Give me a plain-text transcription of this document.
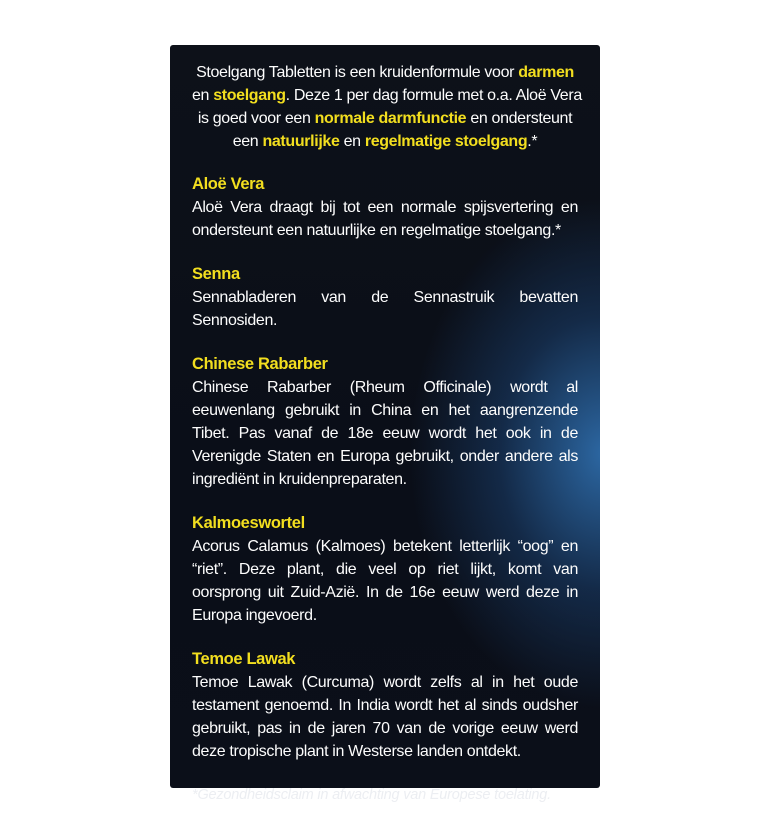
Stoelgang Tabletten is een kruidenformule voor darmen
en stoelgang. Deze 1 per dag formule met o.a. Aloë Vera
is goed voor een normale darmfunctie en ondersteunt
een natuurlijke en regelmatige stoelgang.*
Aloë Vera

Aloë Vera draagt bij tot een normale spijsvertering en ondersteunt een natuurlijke en regelmatige stoelgang.*

Senna

Sennabladeren van de Sennastruik bevatten Sennosiden.

Chinese Rabarber

Chinese Rabarber (Rheum Officinale) wordt al eeuwenlang gebruikt in China en het aangrenzende Tibet. Pas vanaf de 18e eeuw wordt het ook in de Verenigde Staten en Europa gebruikt, onder andere als ingrediënt in kruidenpreparaten.

Kalmoeswortel

Acorus Calamus (Kalmoes) betekent letterlijk “oog” en “riet”. Deze plant, die veel op riet lijkt, komt van oorsprong uit Zuid-Azië. In de 16e eeuw werd deze in Europa ingevoerd.

Temoe Lawak

Temoe Lawak (Curcuma) wordt zelfs al in het oude testament genoemd. In India wordt het al sinds oudsher gebruikt, pas in de jaren 70 van de vorige eeuw werd deze tropische plant in Westerse landen ontdekt.

*Gezondheidsclaim in afwachting van Europese toelating.
